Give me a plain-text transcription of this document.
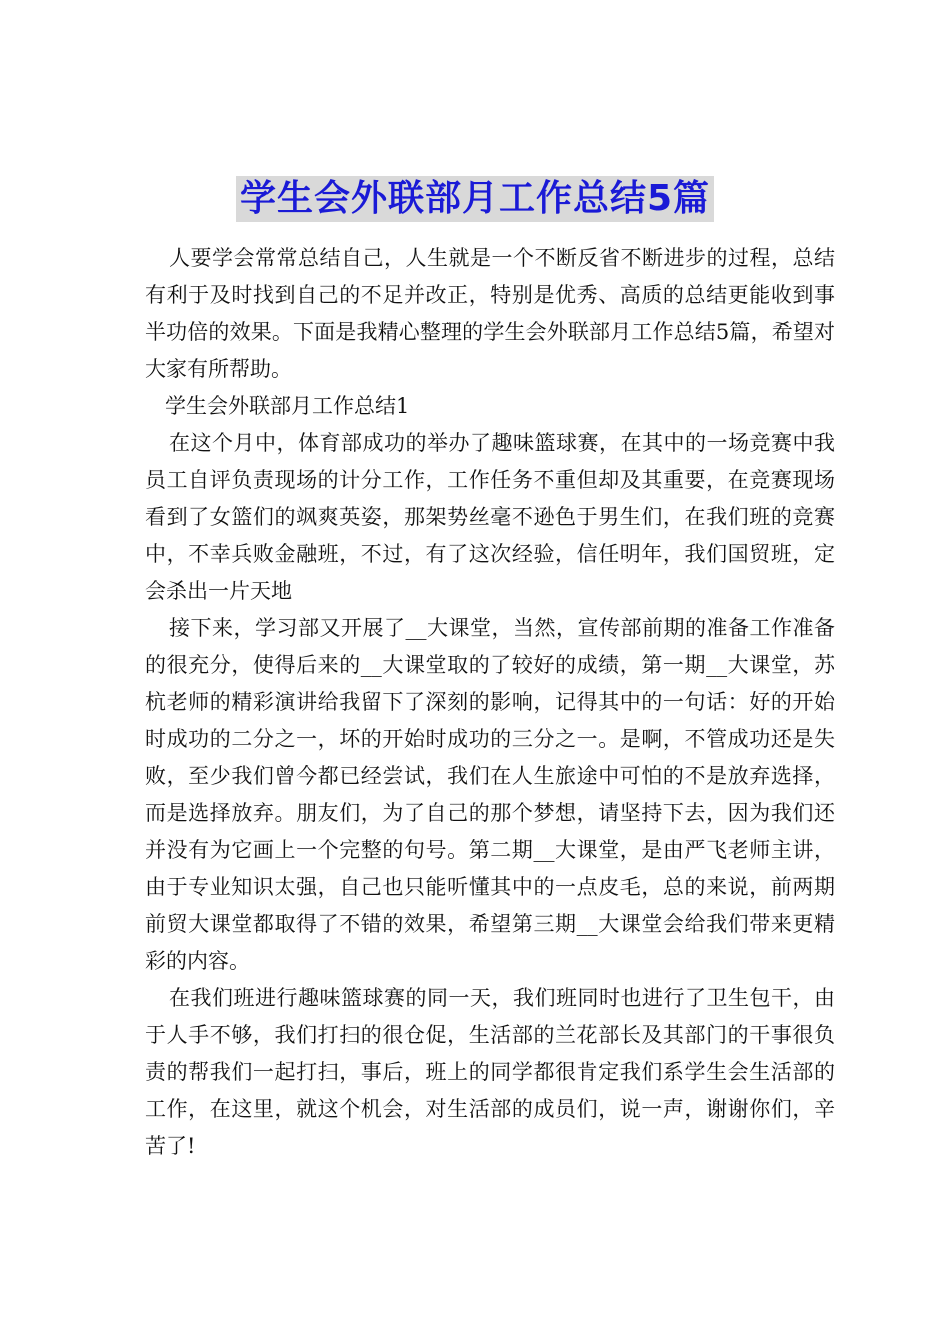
学生会外联部月工作总结5篇

人要学会常常总结自己，人生就是一个不断反省不断进步的过程，总结有利于及时找到自己的不足并改正，特别是优秀、高质的总结更能收到事半功倍的效果。下面是我精心整理的学生会外联部月工作总结5篇，希望对大家有所帮助。

学生会外联部月工作总结1

在这个月中，体育部成功的举办了趣味篮球赛，在其中的一场竞赛中我员工自评负责现场的计分工作，工作任务不重但却及其重要，在竞赛现场看到了女篮们的飒爽英姿，那架势丝毫不逊色于男生们，在我们班的竞赛中，不幸兵败金融班，不过，有了这次经验，信任明年，我们国贸班，定会杀出一片天地

接下来，学习部又开展了__大课堂，当然，宣传部前期的准备工作准备的很充分，使得后来的__大课堂取的了较好的成绩，第一期__大课堂，苏杭老师的精彩演讲给我留下了深刻的影响，记得其中的一句话：好的开始时成功的二分之一，坏的开始时成功的三分之一。是啊，不管成功还是失败，至少我们曾今都已经尝试，我们在人生旅途中可怕的不是放弃选择，而是选择放弃。朋友们，为了自己的那个梦想，请坚持下去，因为我们还并没有为它画上一个完整的句号。第二期__大课堂，是由严飞老师主讲，由于专业知识太强，自己也只能听懂其中的一点皮毛，总的来说，前两期前贸大课堂都取得了不错的效果，希望第三期__大课堂会给我们带来更精彩的内容。

在我们班进行趣味篮球赛的同一天，我们班同时也进行了卫生包干，由于人手不够，我们打扫的很仓促，生活部的兰花部长及其部门的干事很负责的帮我们一起打扫，事后，班上的同学都很肯定我们系学生会生活部的工作，在这里，就这个机会，对生活部的成员们，说一声，谢谢你们，辛苦了!
